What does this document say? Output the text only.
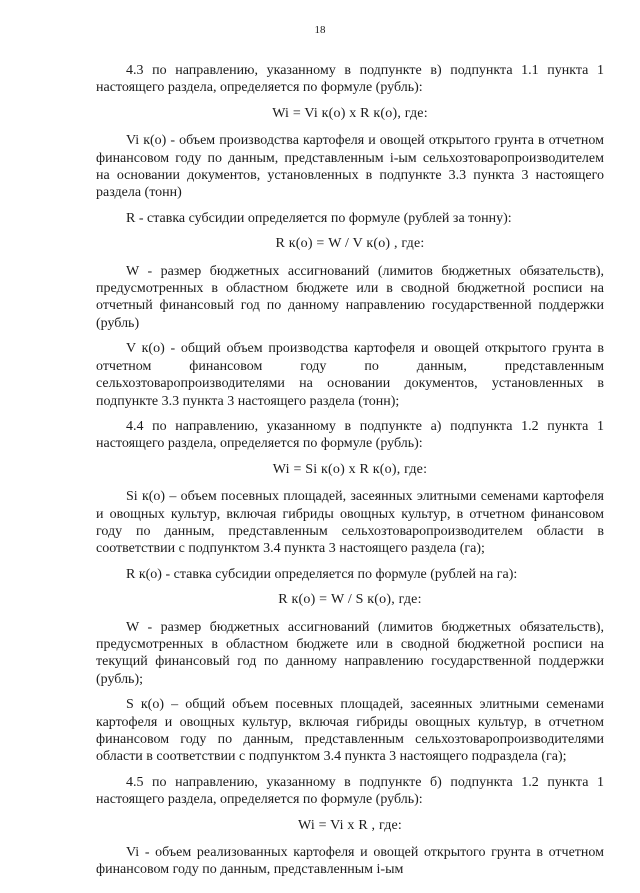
18

4.3 по направлению, указанному в подпункте в) подпункта 1.1 пункта 1 настоящего раздела, определяется по формуле (рубль):

Wi = Vi к(о) x R к(о), где:

Vi к(о) - объем производства картофеля и овощей открытого грунта в отчетном финансовом году по данным, представленным i-ым сельхозтоваропроизводителем на основании документов, установленных в подпункте 3.3 пункта 3 настоящего раздела (тонн)

R - ставка субсидии определяется по формуле (рублей за тонну):

R к(о) = W / V к(о) , где:

W - размер бюджетных ассигнований (лимитов бюджетных обязательств), предусмотренных в областном бюджете или в сводной бюджетной росписи на отчетный финансовый год по данному направлению государственной поддержки (рубль)

V к(о) - общий объем производства картофеля и овощей открытого грунта в отчетном финансовом году по данным, представленным сельхозтоваропроизводителями на основании документов, установленных в подпункте 3.3 пункта 3 настоящего раздела (тонн);

4.4 по направлению, указанному в подпункте а) подпункта 1.2 пункта 1 настоящего раздела, определяется по формуле (рубль):

Wi = Si к(о) x R к(о), где:

Si к(о) – объем посевных площадей, засеянных элитными семенами картофеля и овощных культур, включая гибриды овощных культур, в отчетном финансовом году по данным, представленным сельхозтоваропроизводителем области в соответствии с подпунктом 3.4 пункта 3 настоящего раздела (га);

R к(о) - ставка субсидии определяется по формуле (рублей на га):

R к(о) = W / S к(о), где:

W - размер бюджетных ассигнований (лимитов бюджетных обязательств), предусмотренных в областном бюджете или в сводной бюджетной росписи на текущий финансовый год по данному направлению государственной поддержки (рубль);

S к(о) – общий объем посевных площадей, засеянных элитными семенами картофеля и овощных культур, включая гибриды овощных культур, в отчетном финансовом году по данным, представленным сельхозтоваропроизводителями области в соответствии с подпунктом 3.4 пункта 3 настоящего подраздела (га);

4.5 по направлению, указанному в подпункте б) подпункта 1.2 пункта 1 настоящего раздела, определяется по формуле (рубль):

Wi = Vi x R , где:

Vi - объем реализованных картофеля и овощей открытого грунта в отчетном финансовом году по данным, представленным i-ым
